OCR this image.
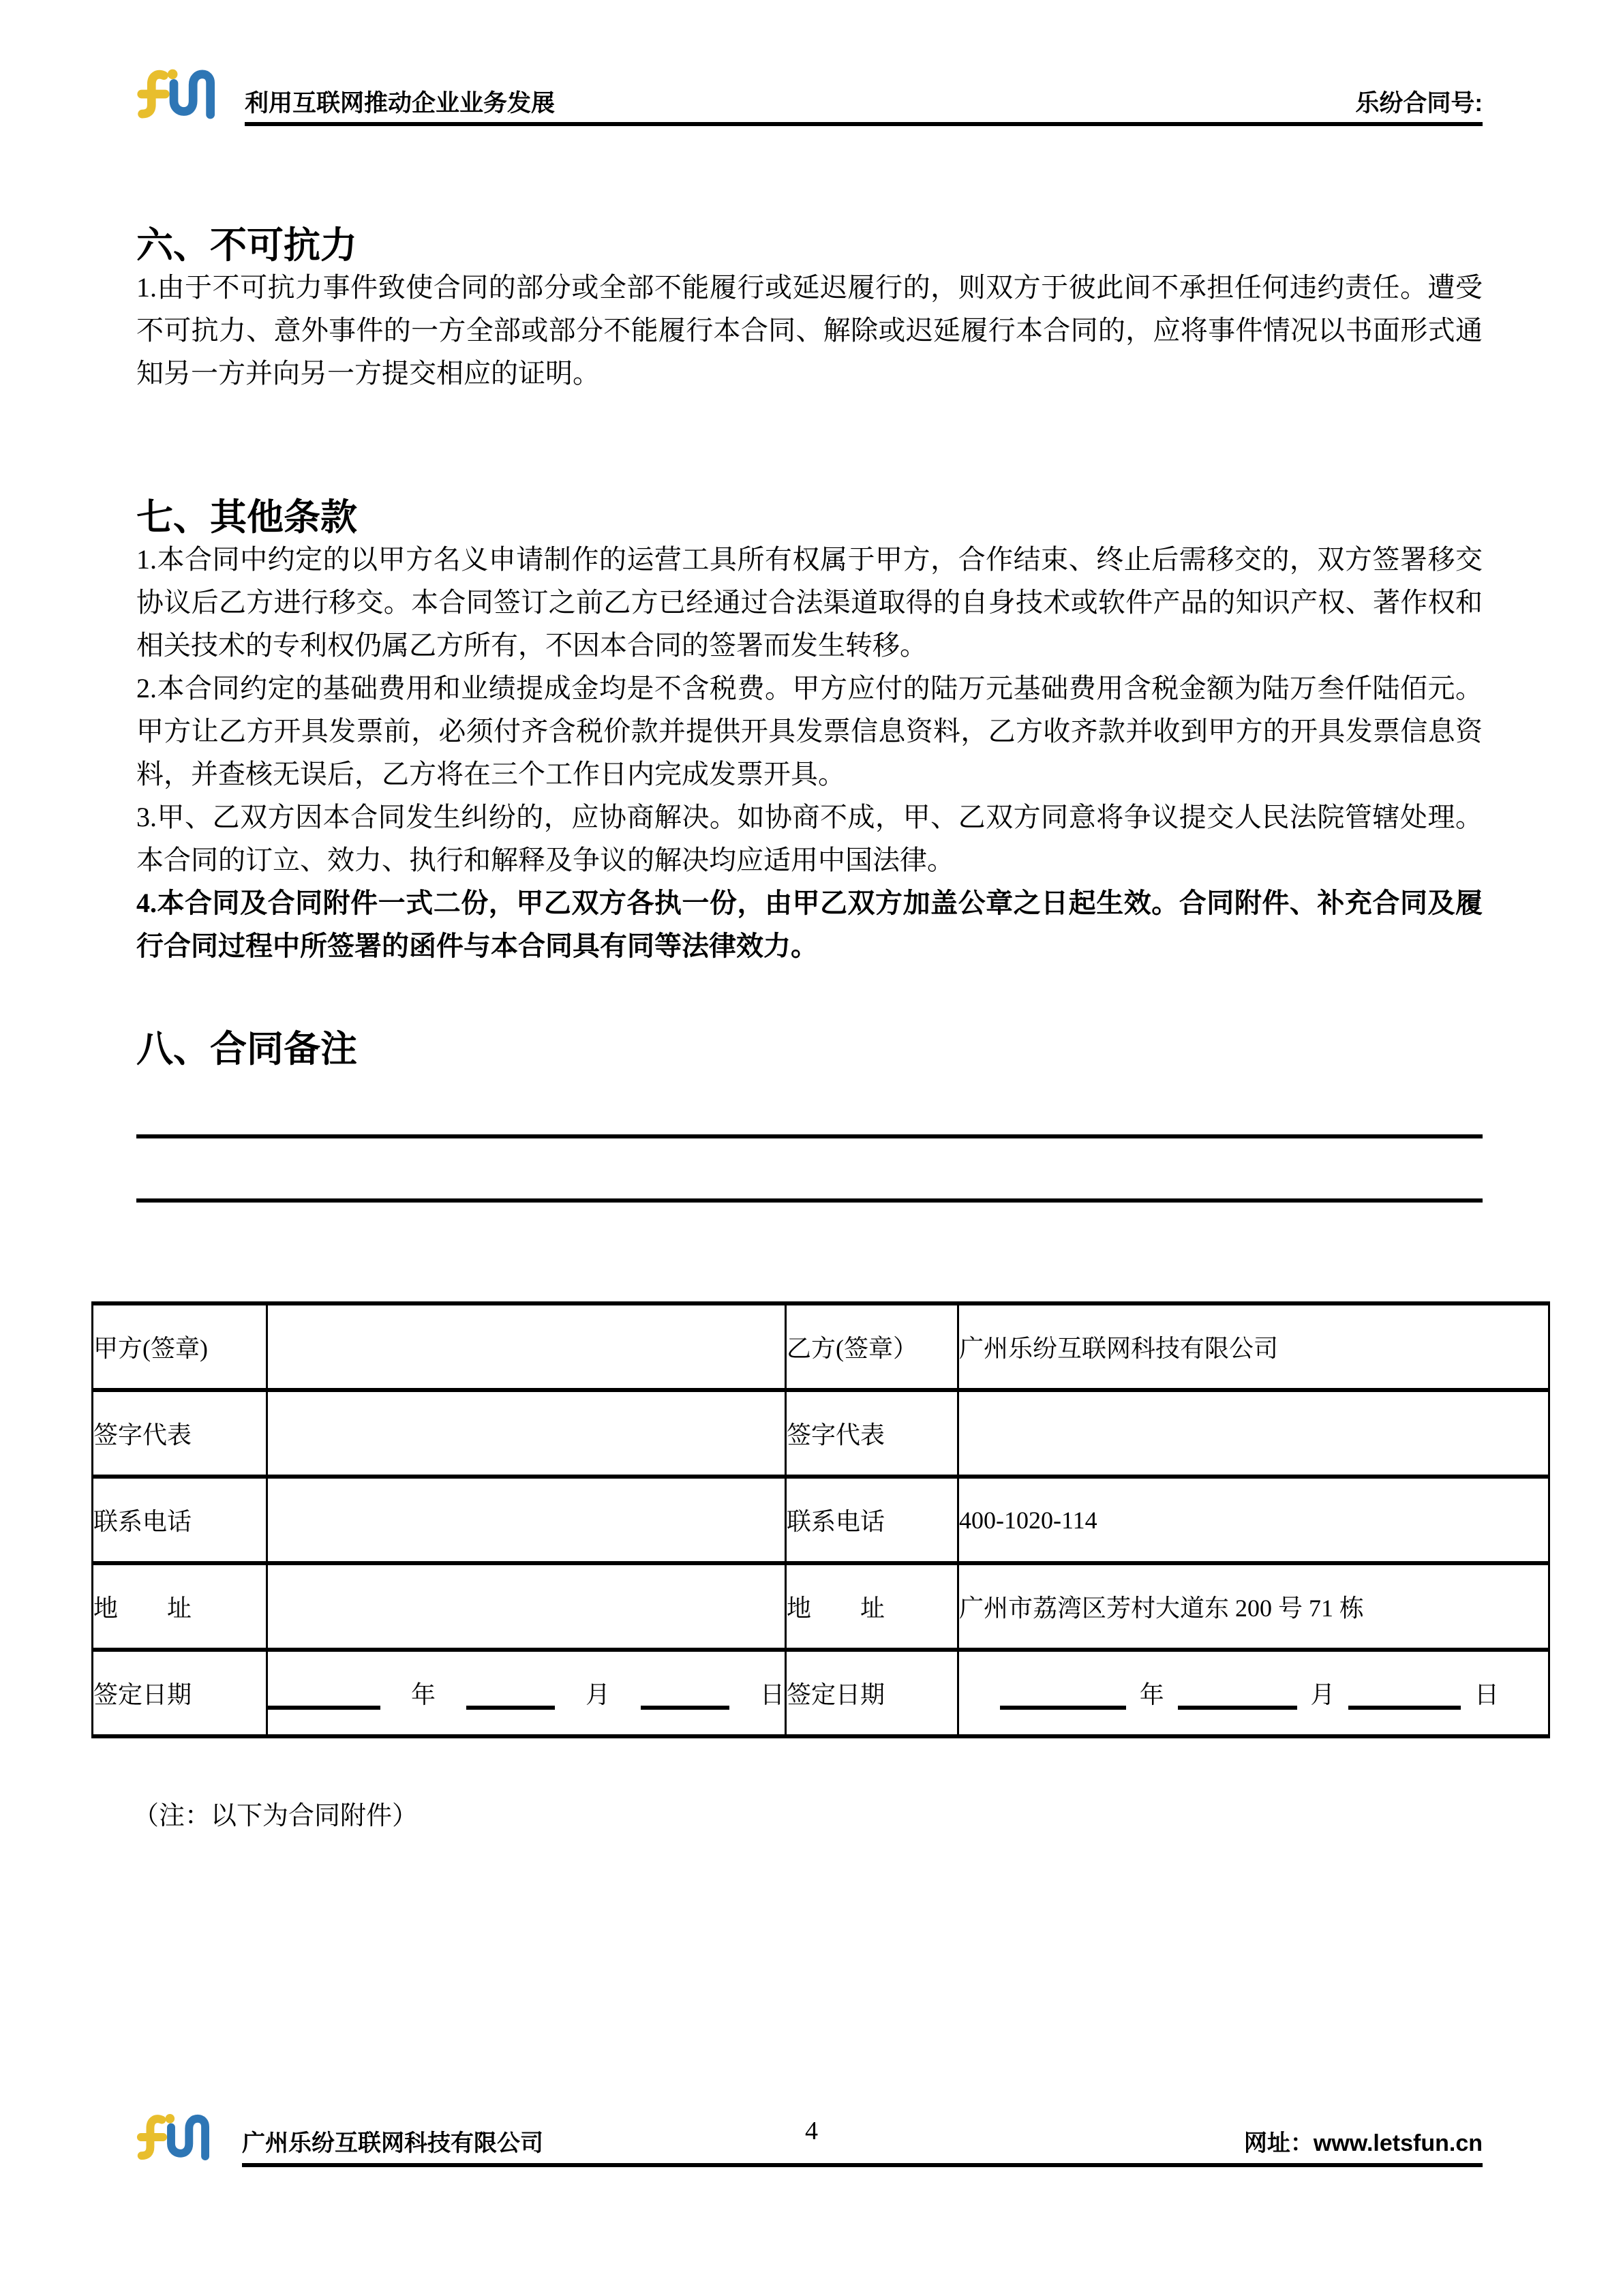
利用互联网推动企业业务发展	乐纷合同号:
六、不可抗力

1.由于不可抗力事件致使合同的部分或全部不能履行或延迟履行的，则双方于彼此间不承担任何违约责任。遭受不可抗力、意外事件的一方全部或部分不能履行本合同、解除或迟延履行本合同的，应将事件情况以书面形式通知另一方并向另一方提交相应的证明。

七、其他条款

1.本合同中约定的以甲方名义申请制作的运营工具所有权属于甲方，合作结束、终止后需移交的，双方签署移交协议后乙方进行移交。本合同签订之前乙方已经通过合法渠道取得的自身技术或软件产品的知识产权、著作权和相关技术的专利权仍属乙方所有，不因本合同的签署而发生转移。

2.本合同约定的基础费用和业绩提成金均是不含税费。甲方应付的陆万元基础费用含税金额为陆万叁仟陆佰元。甲方让乙方开具发票前，必须付齐含税价款并提供开具发票信息资料，乙方收齐款并收到甲方的开具发票信息资料，并查核无误后，乙方将在三个工作日内完成发票开具。

3.甲、乙双方因本合同发生纠纷的，应协商解决。如协商不成，甲、乙双方同意将争议提交人民法院管辖处理。本合同的订立、效力、执行和解释及争议的解决均应适用中国法律。

4.本合同及合同附件一式二份，甲乙双方各执一份，由甲乙双方加盖公章之日起生效。合同附件、补充合同及履行合同过程中所签署的函件与本合同具有同等法律效力。

八、合同备注
甲方(签章)		乙方(签章）	广州乐纷互联网科技有限公司
签字代表		签字代表	
联系电话		联系电话	400-1020-114
地　　址		地　　址	广州市荔湾区芳村大道东 200 号 71 栋
签定日期	年 月 日	签定日期	年 月 日
（注：以下为合同附件）
广州乐纷互联网科技有限公司	网址：www.letsfun.cn
4
